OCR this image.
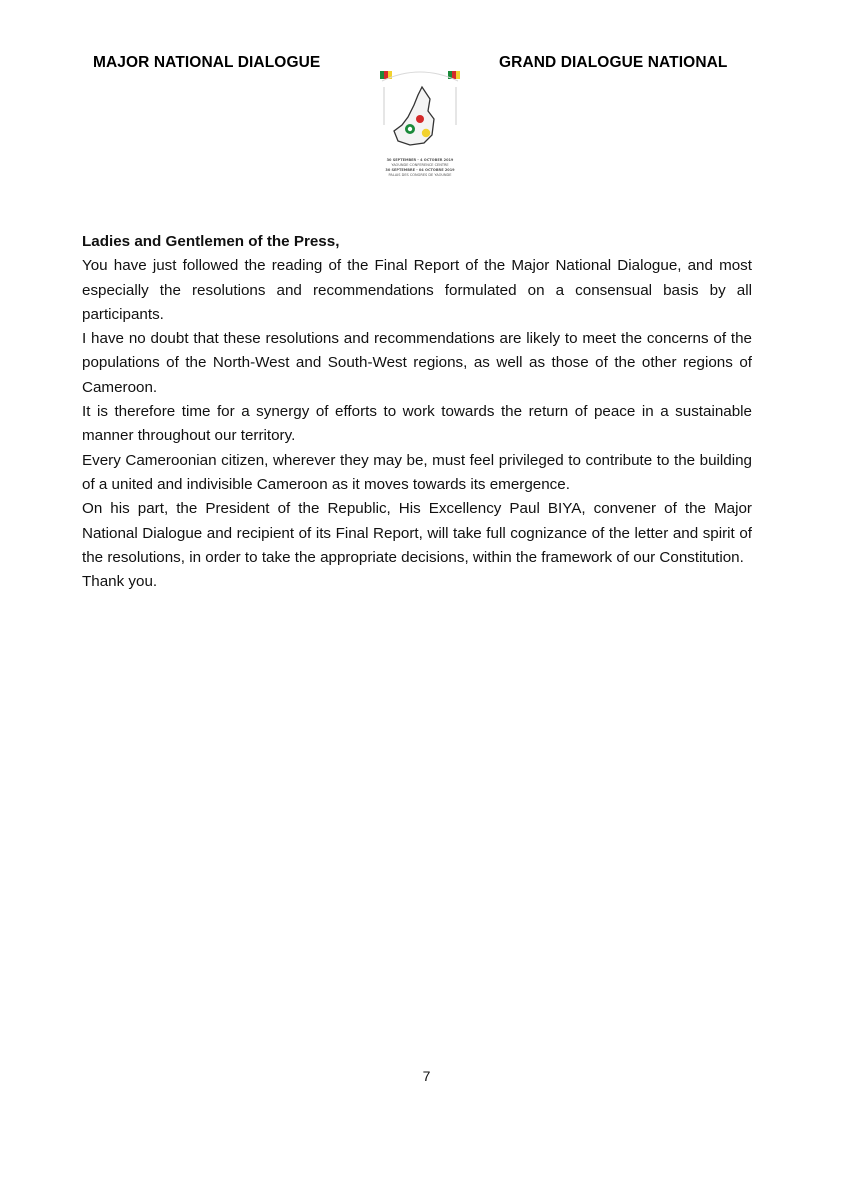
MAJOR NATIONAL DIALOGUE	GRAND DIALOGUE NATIONAL
30 SEPTEMBER - 4 OCTOBER 2019
YAOUNDE CONFERENCE CENTRE
30 SEPTEMBRE - 04 OCTOBRE 2019
PALAIS DES CONGRES DE YAOUNDE

Ladies and Gentlemen of the Press,

You have just followed the reading of the Final Report of the Major National Dialogue, and most especially the resolutions and recommendations formulated on a consensual basis by all participants.

I have no doubt that these resolutions and recommendations are likely to meet the concerns of the populations of the North-West and South-West regions, as well as those of the other regions of Cameroon.

It is therefore time for a synergy of efforts to work towards the return of peace in a sustainable manner throughout our territory.

Every Cameroonian citizen, wherever they may be, must feel privileged to contribute to the building of a united and indivisible Cameroon as it moves towards its emergence.

On his part, the President of the Republic, His Excellency Paul BIYA, convener of the Major National Dialogue and recipient of its Final Report, will take full cognizance of the letter and spirit of the resolutions, in order to take the appropriate decisions, within the framework of our Constitution.

Thank you.

7
